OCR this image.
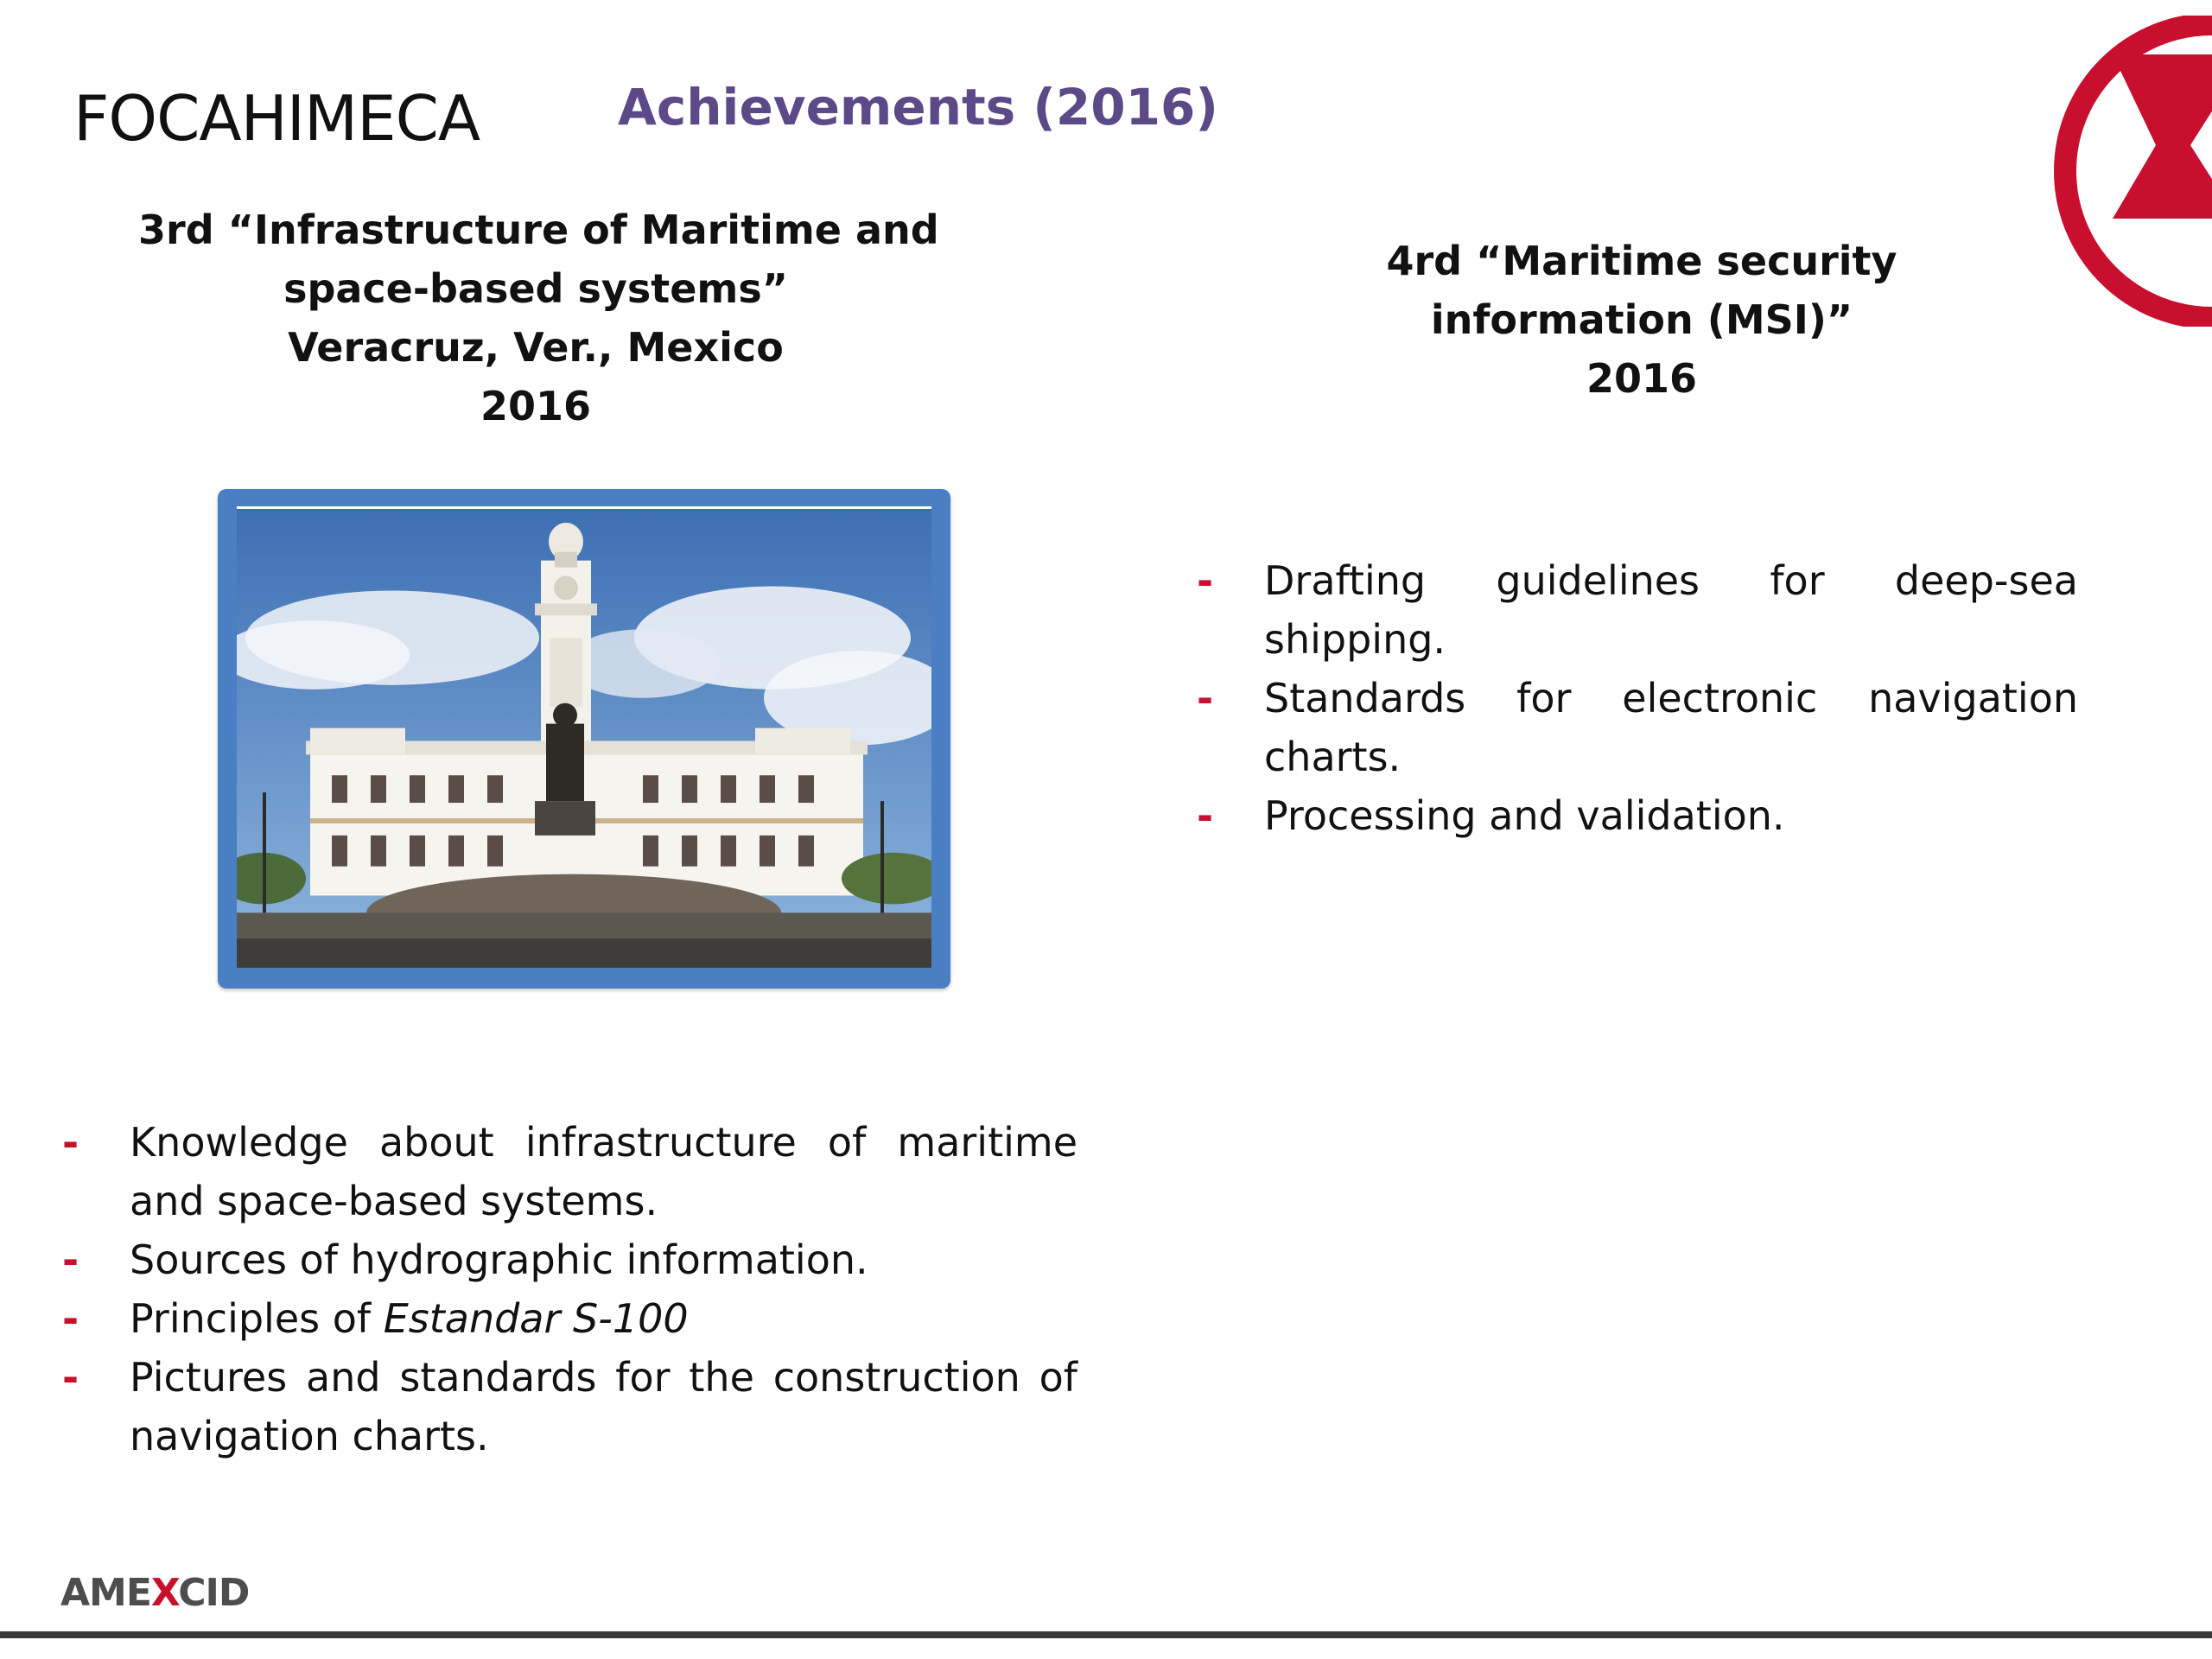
FOCAHIMECA	Achievements (2016)
3rd “Infrastructure of Maritime and
space-based systems”
Veracruz, Ver., Mexico
2016
4rd “Maritime security
information (MSI)”
2016
- Knowledge about infrastructure of maritime and space-based systems.
- Sources of hydrographic information.
- Principles of Estandar S-100
- Pictures and standards for the construction of navigation charts.
- Drafting guidelines for deep-sea shipping.
- Standards for electronic navigation charts.
- Processing and validation.
AMEXCID
